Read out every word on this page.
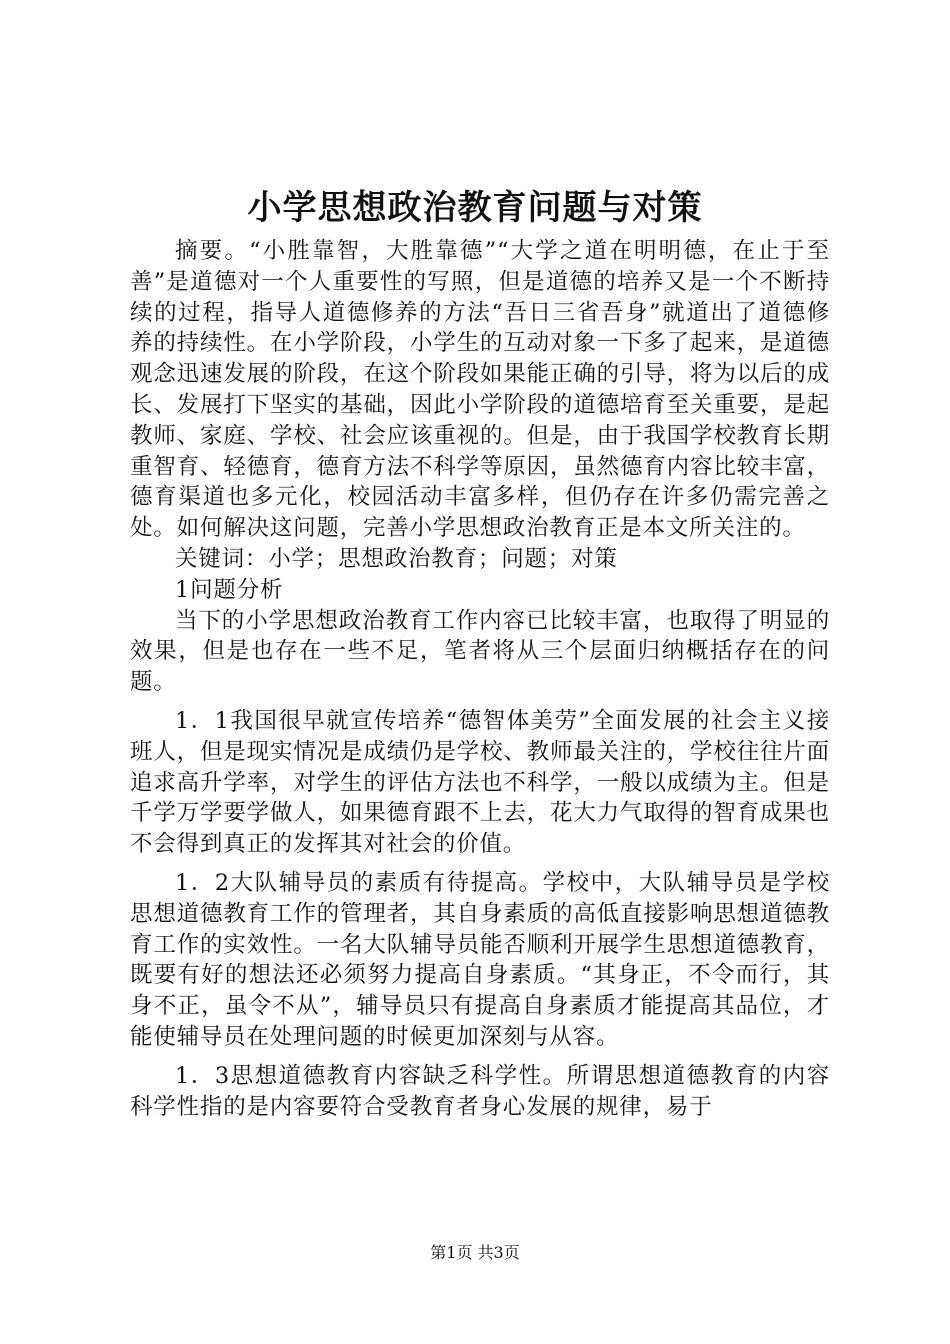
小学思想政治教育问题与对策

摘要。“小胜靠智，大胜靠德”“大学之道在明明德，在止于至善”是道德对一个人重要性的写照，但是道德的培养又是一个不断持续的过程，指导人道德修养的方法“吾日三省吾身”就道出了道德修养的持续性。在小学阶段，小学生的互动对象一下多了起来，是道德观念迅速发展的阶段，在这个阶段如果能正确的引导，将为以后的成长、发展打下坚实的基础，因此小学阶段的道德培育至关重要，是起教师、家庭、学校、社会应该重视的。但是，由于我国学校教育长期重智育、轻德育，德育方法不科学等原因，虽然德育内容比较丰富，德育渠道也多元化，校园活动丰富多样，但仍存在许多仍需完善之处。如何解决这问题，完善小学思想政治教育正是本文所关注的。

关键词：小学；思想政治教育；问题；对策

1问题分析

当下的小学思想政治教育工作内容已比较丰富，也取得了明显的效果，但是也存在一些不足，笔者将从三个层面归纳概括存在的问题。

1．1我国很早就宣传培养“德智体美劳”全面发展的社会主义接班人，但是现实情况是成绩仍是学校、教师最关注的，学校往往片面追求高升学率，对学生的评估方法也不科学，一般以成绩为主。但是千学万学要学做人，如果德育跟不上去，花大力气取得的智育成果也不会得到真正的发挥其对社会的价值。

1．2大队辅导员的素质有待提高。学校中，大队辅导员是学校思想道德教育工作的管理者，其自身素质的高低直接影响思想道德教育工作的实效性。一名大队辅导员能否顺利开展学生思想道德教育，既要有好的想法还必须努力提高自身素质。“其身正，不令而行，其身不正，虽令不从”，辅导员只有提高自身素质才能提高其品位，才能使辅导员在处理问题的时候更加深刻与从容。

1．3思想道德教育内容缺乏科学性。所谓思想道德教育的内容科学性指的是内容要符合受教育者身心发展的规律，易于

第1页 共3页
